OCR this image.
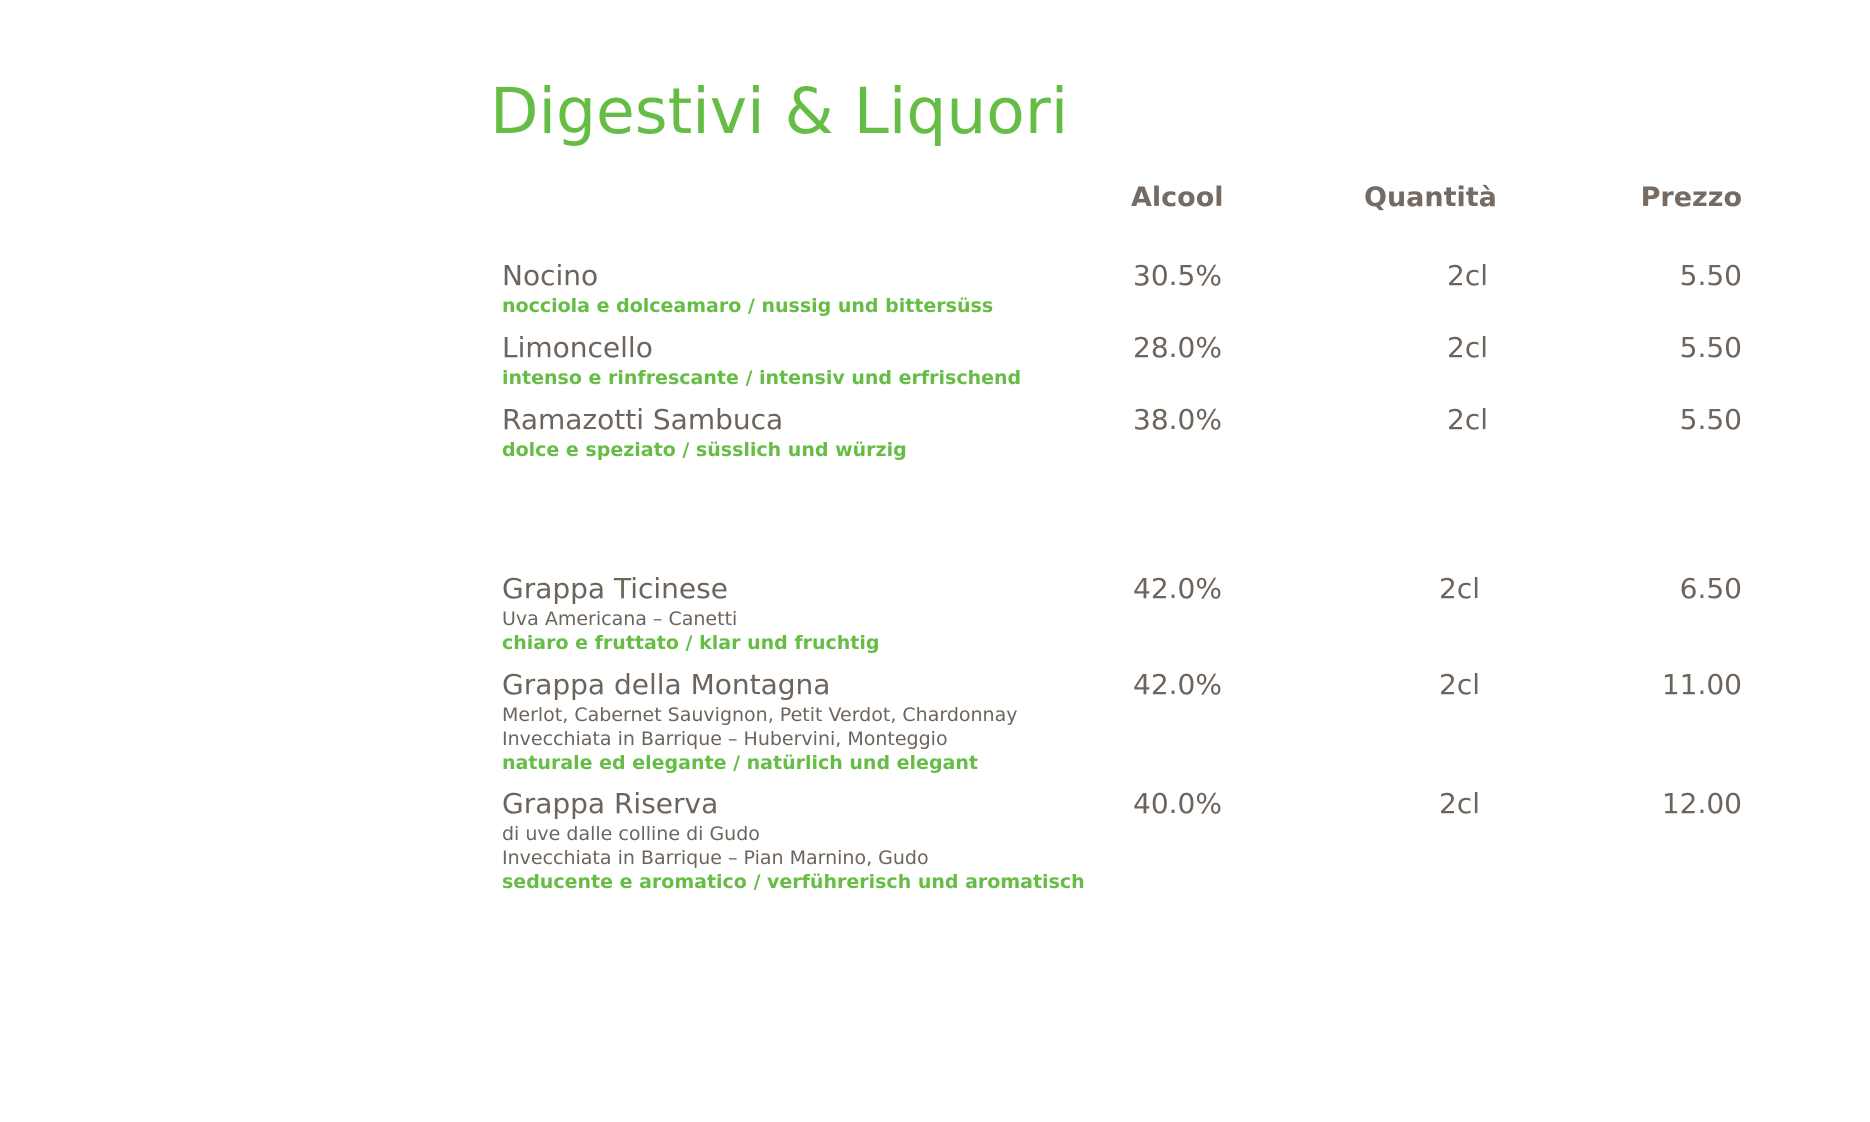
Digestivi & Liquori
Alcool	Quantità	Prezzo
Nocino
nocciola e dolceamaro / nussig und bittersüss
30.5%	2cl	5.50
Limoncello
intenso e rinfrescante / intensiv und erfrischend
28.0%	2cl	5.50
Ramazotti Sambuca
dolce e speziato / süsslich und würzig
38.0%	2cl	5.50
Grappa Ticinese
Uva Americana – Canetti
chiaro e fruttato / klar und fruchtig
42.0%	2cl	6.50
Grappa della Montagna
Merlot, Cabernet Sauvignon, Petit Verdot, Chardonnay
Invecchiata in Barrique – Hubervini, Monteggio
naturale ed elegante / natürlich und elegant
42.0%	2cl	11.00
Grappa Riserva
di uve dalle colline di Gudo
Invecchiata in Barrique – Pian Marnino, Gudo
seducente e aromatico / verführerisch und aromatisch
40.0%	2cl	12.00
